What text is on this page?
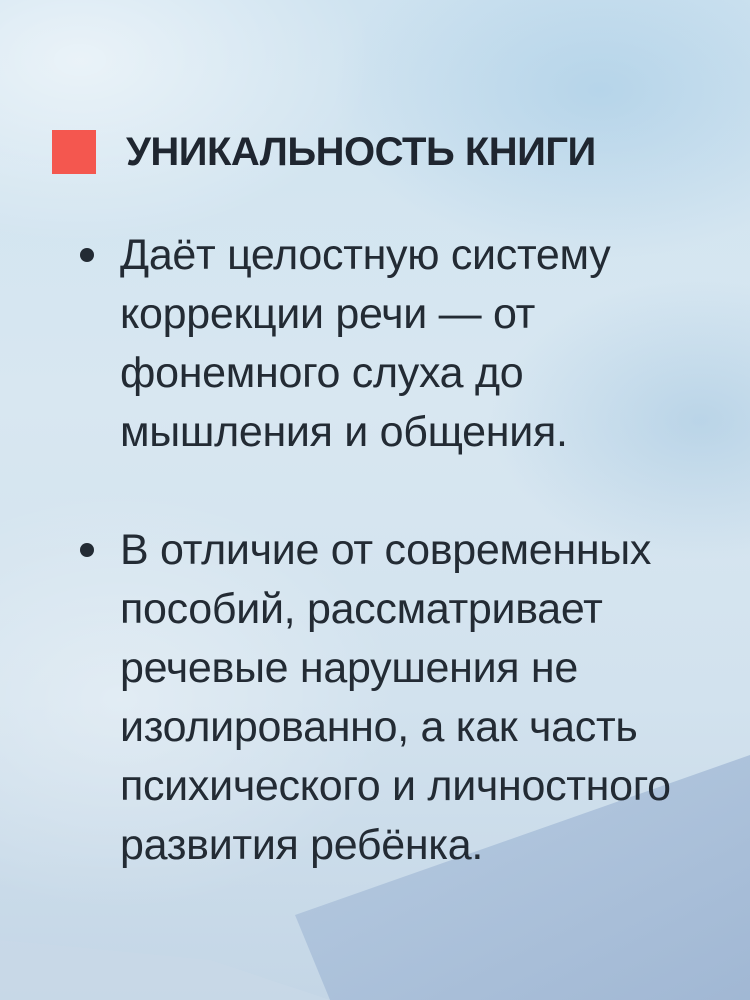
УНИКАЛЬНОСТЬ КНИГИ
Даёт целостную систему коррекции речи — от фонемного слуха до мышления и общения.
В отличие от современных пособий, рассматривает речевые нарушения не изолированно, а как часть психического и личностного развития ребёнка.
